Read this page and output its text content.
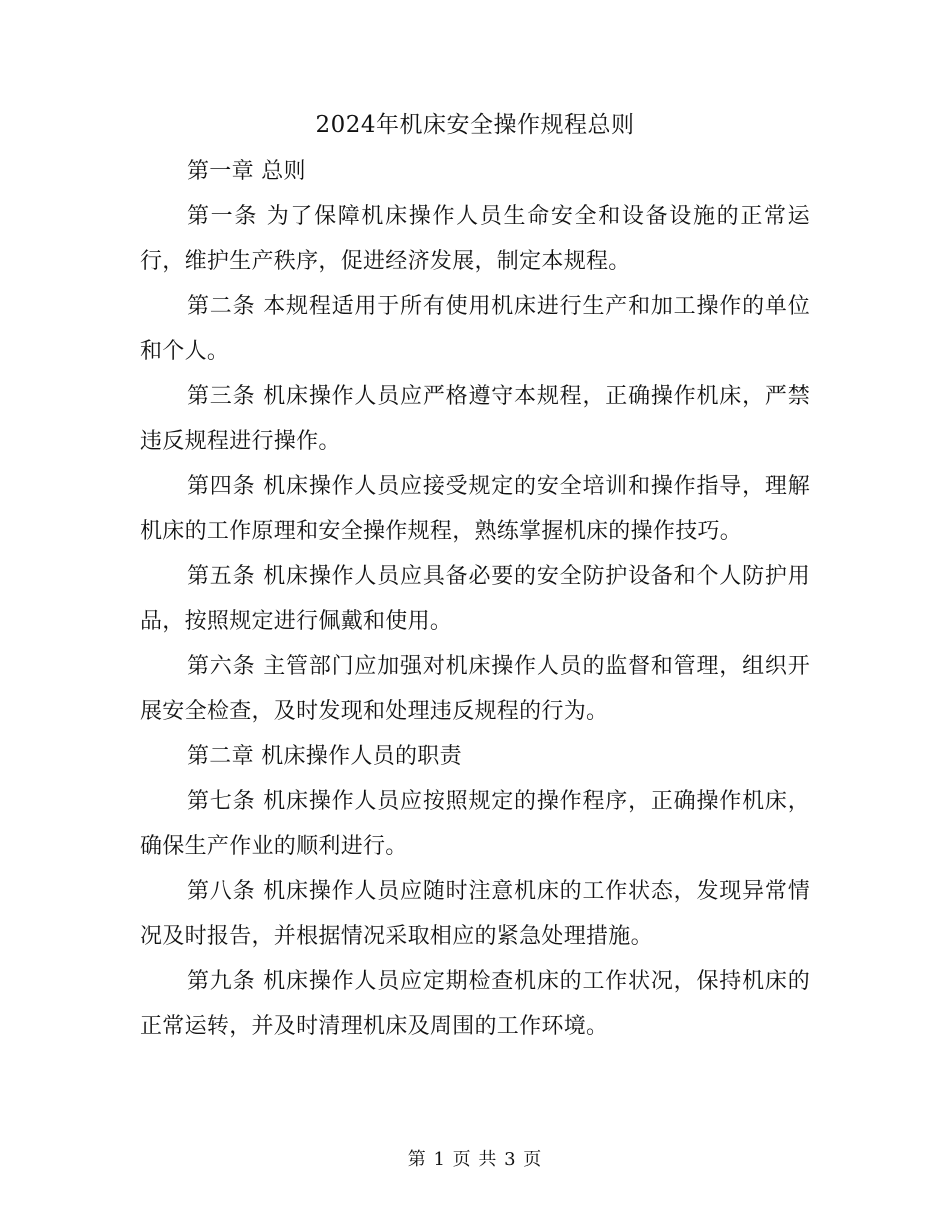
2024年机床安全操作规程总则

第一章 总则

第一条 为了保障机床操作人员生命安全和设备设施的正常运行，维护生产秩序，促进经济发展，制定本规程。

第二条 本规程适用于所有使用机床进行生产和加工操作的单位和个人。

第三条 机床操作人员应严格遵守本规程，正确操作机床，严禁违反规程进行操作。

第四条 机床操作人员应接受规定的安全培训和操作指导，理解机床的工作原理和安全操作规程，熟练掌握机床的操作技巧。

第五条 机床操作人员应具备必要的安全防护设备和个人防护用品，按照规定进行佩戴和使用。

第六条 主管部门应加强对机床操作人员的监督和管理，组织开展安全检查，及时发现和处理违反规程的行为。

第二章 机床操作人员的职责

第七条 机床操作人员应按照规定的操作程序，正确操作机床，确保生产作业的顺利进行。

第八条 机床操作人员应随时注意机床的工作状态，发现异常情况及时报告，并根据情况采取相应的紧急处理措施。

第九条 机床操作人员应定期检查机床的工作状况，保持机床的正常运转，并及时清理机床及周围的工作环境。

第 1 页 共 3 页
